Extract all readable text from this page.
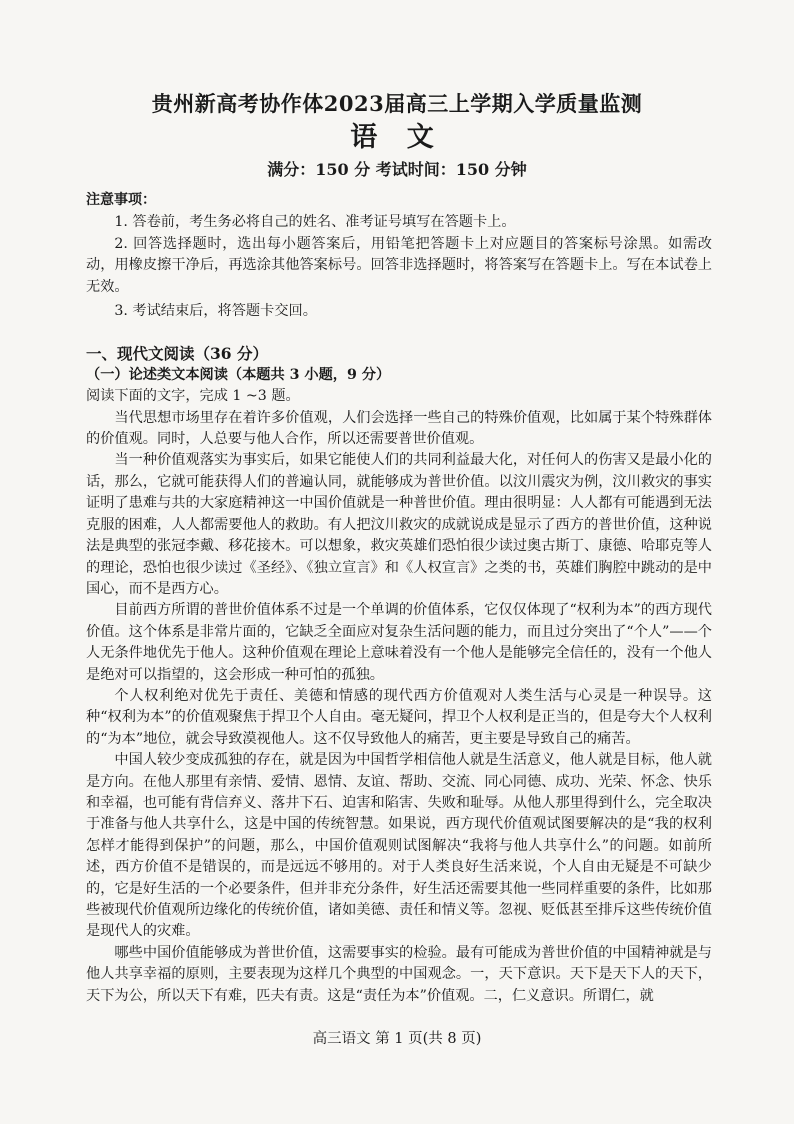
贵州新高考协作体2023届高三上学期入学质量监测
语 文
满分：150 分 考试时间：150 分钟
注意事项：

1. 答卷前，考生务必将自己的姓名、准考证号填写在答题卡上。

2. 回答选择题时，选出每小题答案后，用铅笔把答题卡上对应题目的答案标号涂黑。如需改动，用橡皮擦干净后，再选涂其他答案标号。回答非选择题时，将答案写在答题卡上。写在本试卷上无效。

3. 考试结束后，将答题卡交回。

一、现代文阅读（36 分）
（一）论述类文本阅读（本题共 3 小题，9 分）
阅读下面的文字，完成 1 ~3 题。

当代思想市场里存在着许多价值观，人们会选择一些自己的特殊价值观，比如属于某个特殊群体的价值观。同时，人总要与他人合作，所以还需要普世价值观。

当一种价值观落实为事实后，如果它能使人们的共同利益最大化，对任何人的伤害又是最小化的话，那么，它就可能获得人们的普遍认同，就能够成为普世价值。以汶川震灾为例，汶川救灾的事实证明了患难与共的大家庭精神这一中国价值就是一种普世价值。理由很明显：人人都有可能遇到无法克服的困难，人人都需要他人的救助。有人把汶川救灾的成就说成是显示了西方的普世价值，这种说法是典型的张冠李戴、移花接木。可以想象，救灾英雄们恐怕很少读过奥古斯丁、康德、哈耶克等人的理论，恐怕也很少读过《圣经》、《独立宣言》和《人权宣言》之类的书，英雄们胸腔中跳动的是中国心，而不是西方心。

目前西方所谓的普世价值体系不过是一个单调的价值体系，它仅仅体现了“权利为本”的西方现代价值。这个体系是非常片面的，它缺乏全面应对复杂生活问题的能力，而且过分突出了“个人”——个人无条件地优先于他人。这种价值观在理论上意味着没有一个他人是能够完全信任的，没有一个他人是绝对可以指望的，这会形成一种可怕的孤独。

个人权利绝对优先于责任、美德和情感的现代西方价值观对人类生活与心灵是一种误导。这种“权利为本”的价值观聚焦于捍卫个人自由。毫无疑问，捍卫个人权利是正当的，但是夸大个人权利的“为本”地位，就会导致漠视他人。这不仅导致他人的痛苦，更主要是导致自己的痛苦。

中国人较少变成孤独的存在，就是因为中国哲学相信他人就是生活意义，他人就是目标，他人就是方向。在他人那里有亲情、爱情、恩情、友谊、帮助、交流、同心同德、成功、光荣、怀念、快乐和幸福，也可能有背信弃义、落井下石、迫害和陷害、失败和耻辱。从他人那里得到什么，完全取决于准备与他人共享什么，这是中国的传统智慧。如果说，西方现代价值观试图要解决的是“我的权利怎样才能得到保护”的问题，那么，中国价值观则试图解决“我将与他人共享什么”的问题。如前所述，西方价值不是错误的，而是远远不够用的。对于人类良好生活来说，个人自由无疑是不可缺少的，它是好生活的一个必要条件，但并非充分条件，好生活还需要其他一些同样重要的条件，比如那些被现代价值观所边缘化的传统价值，诸如美德、责任和情义等。忽视、贬低甚至排斥这些传统价值是现代人的灾难。

哪些中国价值能够成为普世价值，这需要事实的检验。最有可能成为普世价值的中国精神就是与他人共享幸福的原则，主要表现为这样几个典型的中国观念。一，天下意识。天下是天下人的天下，天下为公，所以天下有难，匹夫有责。这是“责任为本”价值观。二，仁义意识。所谓仁，就

高三语文 第 1 页(共 8 页)
